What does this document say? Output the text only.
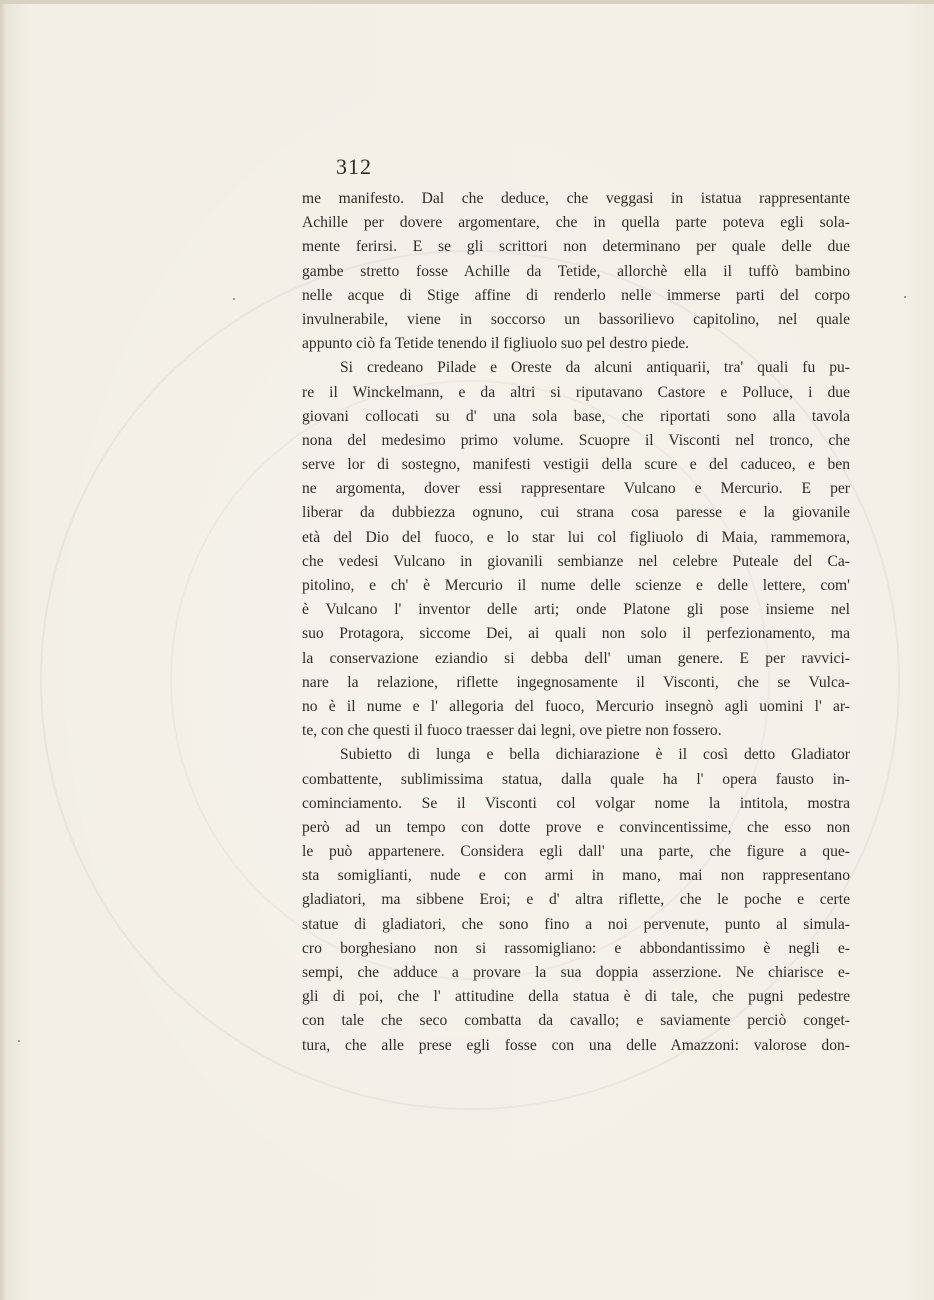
312
me manifesto. Dal che deduce, che veggasi in istatua rappresentante
Achille per dovere argomentare, che in quella parte poteva egli sola-
mente ferirsi. E se gli scrittori non determinano per quale delle due
gambe stretto fosse Achille da Tetide, allorchè ella il tuffò bambino
nelle acque di Stige affine di renderlo nelle immerse parti del corpo
invulnerabile, viene in soccorso un bassorilievo capitolino, nel quale
appunto ciò fa Tetide tenendo il figliuolo suo pel destro piede.
Si credeano Pilade e Oreste da alcuni antiquarii, tra' quali fu pu-
re il Winckelmann, e da altri si riputavano Castore e Polluce, i due
giovani collocati su d' una sola base, che riportati sono alla tavola
nona del medesimo primo volume. Scuopre il Visconti nel tronco, che
serve lor di sostegno, manifesti vestigii della scure e del caduceo, e ben
ne argomenta, dover essi rappresentare Vulcano e Mercurio. E per
liberar da dubbiezza ognuno, cui strana cosa paresse e la giovanile
età del Dio del fuoco, e lo star lui col figliuolo di Maia, rammemora,
che vedesi Vulcano in giovanili sembianze nel celebre Puteale del Ca-
pitolino, e ch' è Mercurio il nume delle scienze e delle lettere, com'
è Vulcano l' inventor delle arti; onde Platone gli pose insieme nel
suo Protagora, siccome Dei, ai quali non solo il perfezionamento, ma
la conservazione eziandio si debba dell' uman genere. E per ravvici-
nare la relazione, riflette ingegnosamente il Visconti, che se Vulca-
no è il nume e l' allegoria del fuoco, Mercurio insegnò agli uomini l' ar-
te, con che questi il fuoco traesser dai legni, ove pietre non fossero.
Subietto di lunga e bella dichiarazione è il così detto Gladiator
combattente, sublimissima statua, dalla quale ha l' opera fausto in-
cominciamento. Se il Visconti col volgar nome la intitola, mostra
però ad un tempo con dotte prove e convincentissime, che esso non
le può appartenere. Considera egli dall' una parte, che figure a que-
sta somiglianti, nude e con armi in mano, mai non rappresentano
gladiatori, ma sibbene Eroi; e d' altra riflette, che le poche e certe
statue di gladiatori, che sono fino a noi pervenute, punto al simula-
cro borghesiano non si rassomigliano: e abbondantissimo è negli e-
sempi, che adduce a provare la sua doppia asserzione. Ne chiarisce e-
gli di poi, che l' attitudine della statua è di tale, che pugni pedestre
con tale che seco combatta da cavallo; e saviamente perciò conget-
tura, che alle prese egli fosse con una delle Amazzoni: valorose don-
